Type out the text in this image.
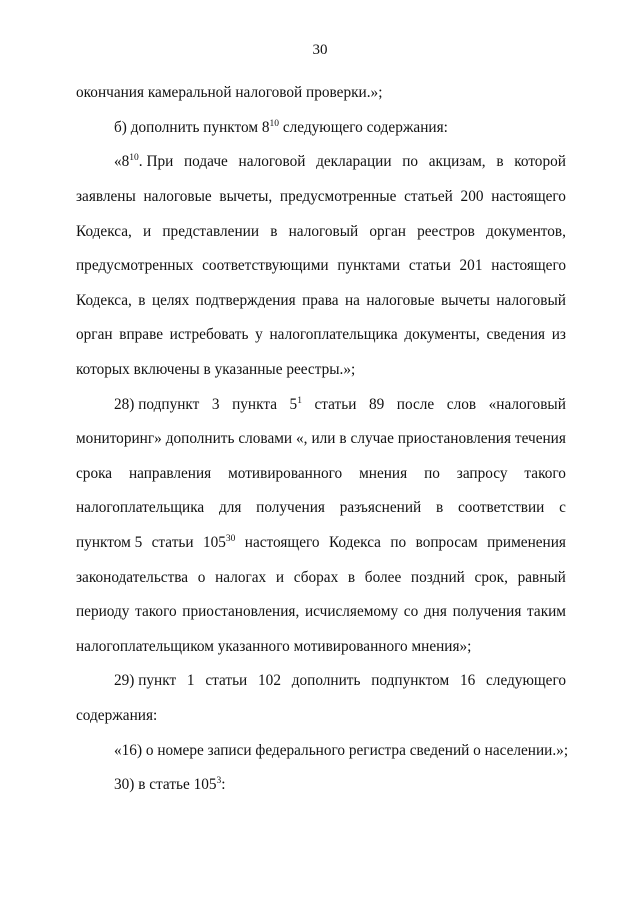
30
окончания камеральной налоговой проверки.»;
б) дополнить пунктом $8^{10}$ следующего содержания:
«$8^{10}$. При подаче налоговой декларации по акцизам, в которой
заявлены налоговые вычеты, предусмотренные статьей 200 настоящего
Кодекса, и представлении в налоговый орган реестров документов,
предусмотренных соответствующими пунктами статьи 201 настоящего
Кодекса, в целях подтверждения права на налоговые вычеты налоговый
орган вправе истребовать у налогоплательщика документы, сведения из
которых включены в указанные реестры.»;
28) подпункт 3 пункта $5^1$ статьи 89 после слов «налоговый
мониторинг» дополнить словами «, или в случае приостановления течения
срока направления мотивированного мнения по запросу такого
налогоплательщика для получения разъяснений в соответствии с
пунктом 5 статьи $105^{30}$ настоящего Кодекса по вопросам применения
законодательства о налогах и сборах в более поздний срок, равный
периоду такого приостановления, исчисляемому со дня получения таким
налогоплательщиком указанного мотивированного мнения»;
29) пункт 1 статьи 102 дополнить подпунктом 16 следующего
содержания:
«16) о номере записи федерального регистра сведений о населении.»;
30) в статье $105^3$:
